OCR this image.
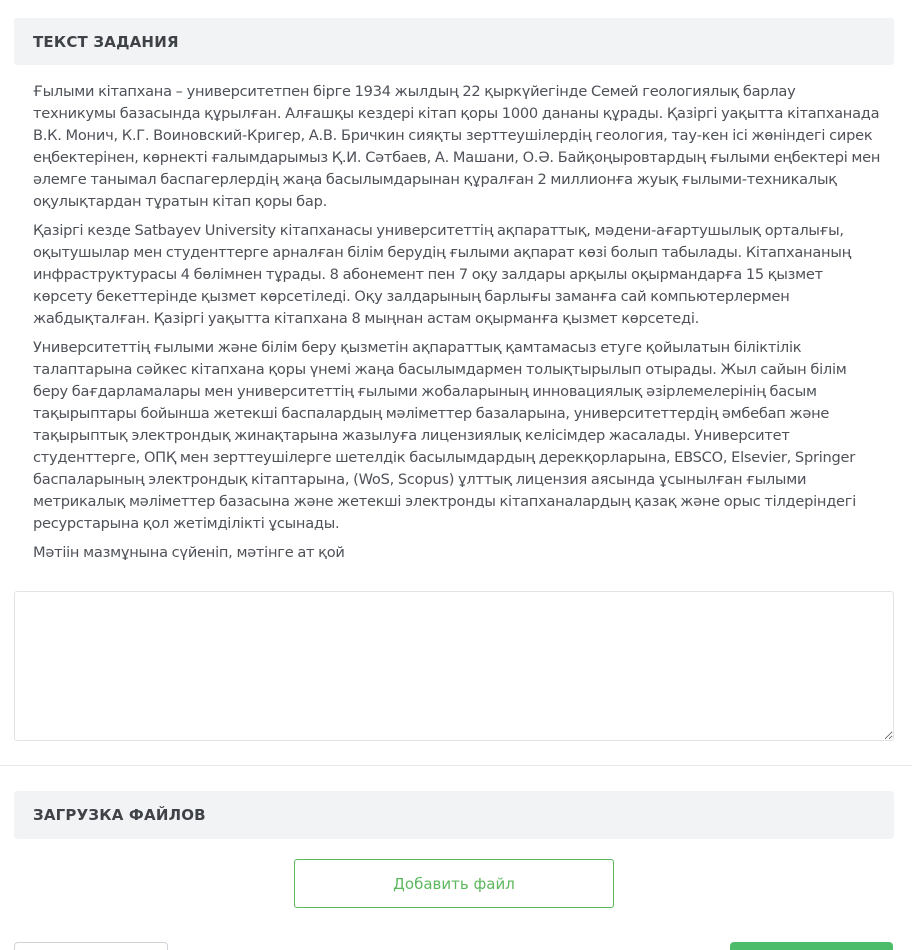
ТЕКСТ ЗАДАНИЯ

Ғылыми кітапхана – университетпен бірге 1934 жылдың 22 қыркүйегінде Семей геологиялық барлау техникумы базасында құрылған. Алғашқы кездері кітап қоры 1000 дананы құрады. Қазіргі уақытта кітапханада В.К. Монич, К.Г. Воиновский-Кригер, А.В. Бричкин сияқты зерттеушілердің геология, тау-кен ісі жөніндегі сирек еңбектерінен, көрнекті ғалымдарымыз Қ.И. Сәтбаев, А. Машани, О.Ә. Байқоңыровтардың ғылыми еңбектері мен әлемге танымал баспагерлердің жаңа басылымдарынан құралған 2 миллионға жуық ғылыми-техникалық оқулықтардан тұратын кітап қоры бар.

Қазіргі кезде Satbayev University кітапханасы университеттің ақпараттық, мәдени-ағартушылық орталығы, оқытушылар мен студенттерге арналған білім берудің ғылыми ақпарат көзі болып табылады. Кітапхананың инфраструктурасы 4 бөлімнен тұрады. 8 абонемент пен 7 оқу залдары арқылы оқырмандарға 15 қызмет көрсету бекеттерінде қызмет көрсетіледі. Оқу залдарының барлығы заманға сай компьютерлермен жабдықталған. Қазіргі уақытта кітапхана 8 мыңнан астам оқырманға қызмет көрсетеді.

Университеттің ғылыми және білім беру қызметін ақпараттық қамтамасыз етуге қойылатын біліктілік талаптарына сәйкес кітапхана қоры үнемі жаңа басылымдармен толықтырылып отырады. Жыл сайын білім беру бағдарламалары мен университеттің ғылыми жобаларының инновациялық әзірлемелерінің басым тақырыптары бойынша жетекші баспалардың мәліметтер базаларына, университеттердің әмбебап және тақырыптық электрондық жинақтарына жазылуға лицензиялық келісімдер жасалады. Университет студенттерге, ОПҚ мен зерттеушілерге шетелдік басылымдардың дерекқорларына, EBSCO, Elsevier, Springer баспаларының электрондық кітаптарына, (WoS, Scopus) ұлттық лицензия аясында ұсынылған ғылыми метрикалық мәліметтер базасына және жетекші электронды кітапханалардың қазақ және орыс тілдеріндегі ресурстарына қол жетімділікті ұсынады.

Мәтіін мазмұнына сүйеніп, мәтінге ат қой

ЗАГРУЗКА ФАЙЛОВ
Добавить файл
